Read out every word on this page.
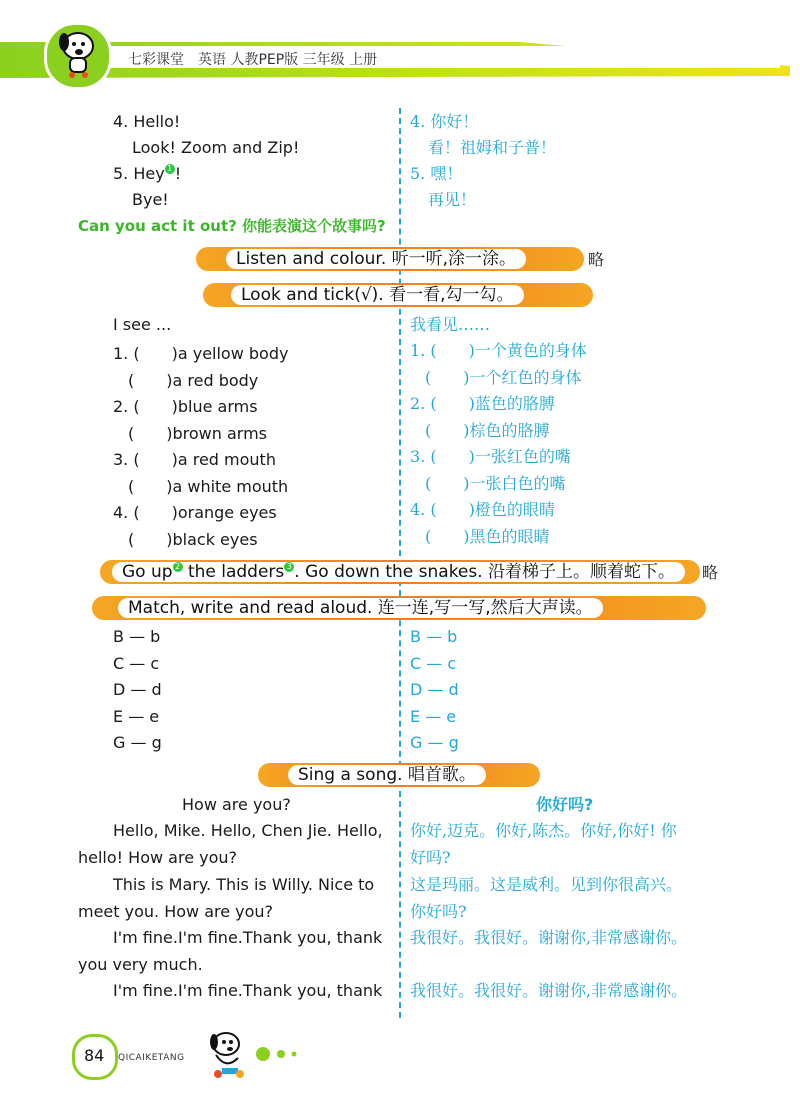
七彩课堂　英语 人教PEP版 三年级 上册
4. Hello!
Look! Zoom and Zip!
5. Hey 1 !
Bye!
4. 你好！
看！祖姆和子普！
5. 嘿！
再见！
Can you act it out? 你能表演这个故事吗?
Listen and colour. 听一听,涂一涂。	略
Look and tick(√). 看一看,勾一勾。
I see ...	我看见……
1. (　　)a yellow body
(　　)a red body
2. (　　)blue arms
(　　)brown arms
3. (　　)a red mouth
(　　)a white mouth
4. (　　)orange eyes
(　　)black eyes
1. (　　)一个黄色的身体
(　　)一个红色的身体
2. (　　)蓝色的胳膊
(　　)棕色的胳膊
3. (　　)一张红色的嘴
(　　)一张白色的嘴
4. (　　)橙色的眼睛
(　　)黑色的眼睛
Go up 2 the ladders 3 . Go down the snakes. 沿着梯子上。顺着蛇下。	略
Match, write and read aloud. 连一连,写一写,然后大声读。
B — b
C — c
D — d
E — e
G — g
B — b
C — c
D — d
E — e
G — g
Sing a song. 唱首歌。
How are you?	你好吗?
Hello, Mike. Hello, Chen Jie. Hello,
hello! How are you?
This is Mary. This is Willy. Nice to
meet you. How are you?
I'm fine.I'm fine.Thank you, thank
you very much.
I'm fine.I'm fine.Thank you, thank
你好,迈克。你好,陈杰。你好,你好! 你
好吗?
这是玛丽。这是威利。见到你很高兴。
你好吗?
我很好。我很好。谢谢你,非常感谢你。
我很好。我很好。谢谢你,非常感谢你。
84 QICAIKETANG
